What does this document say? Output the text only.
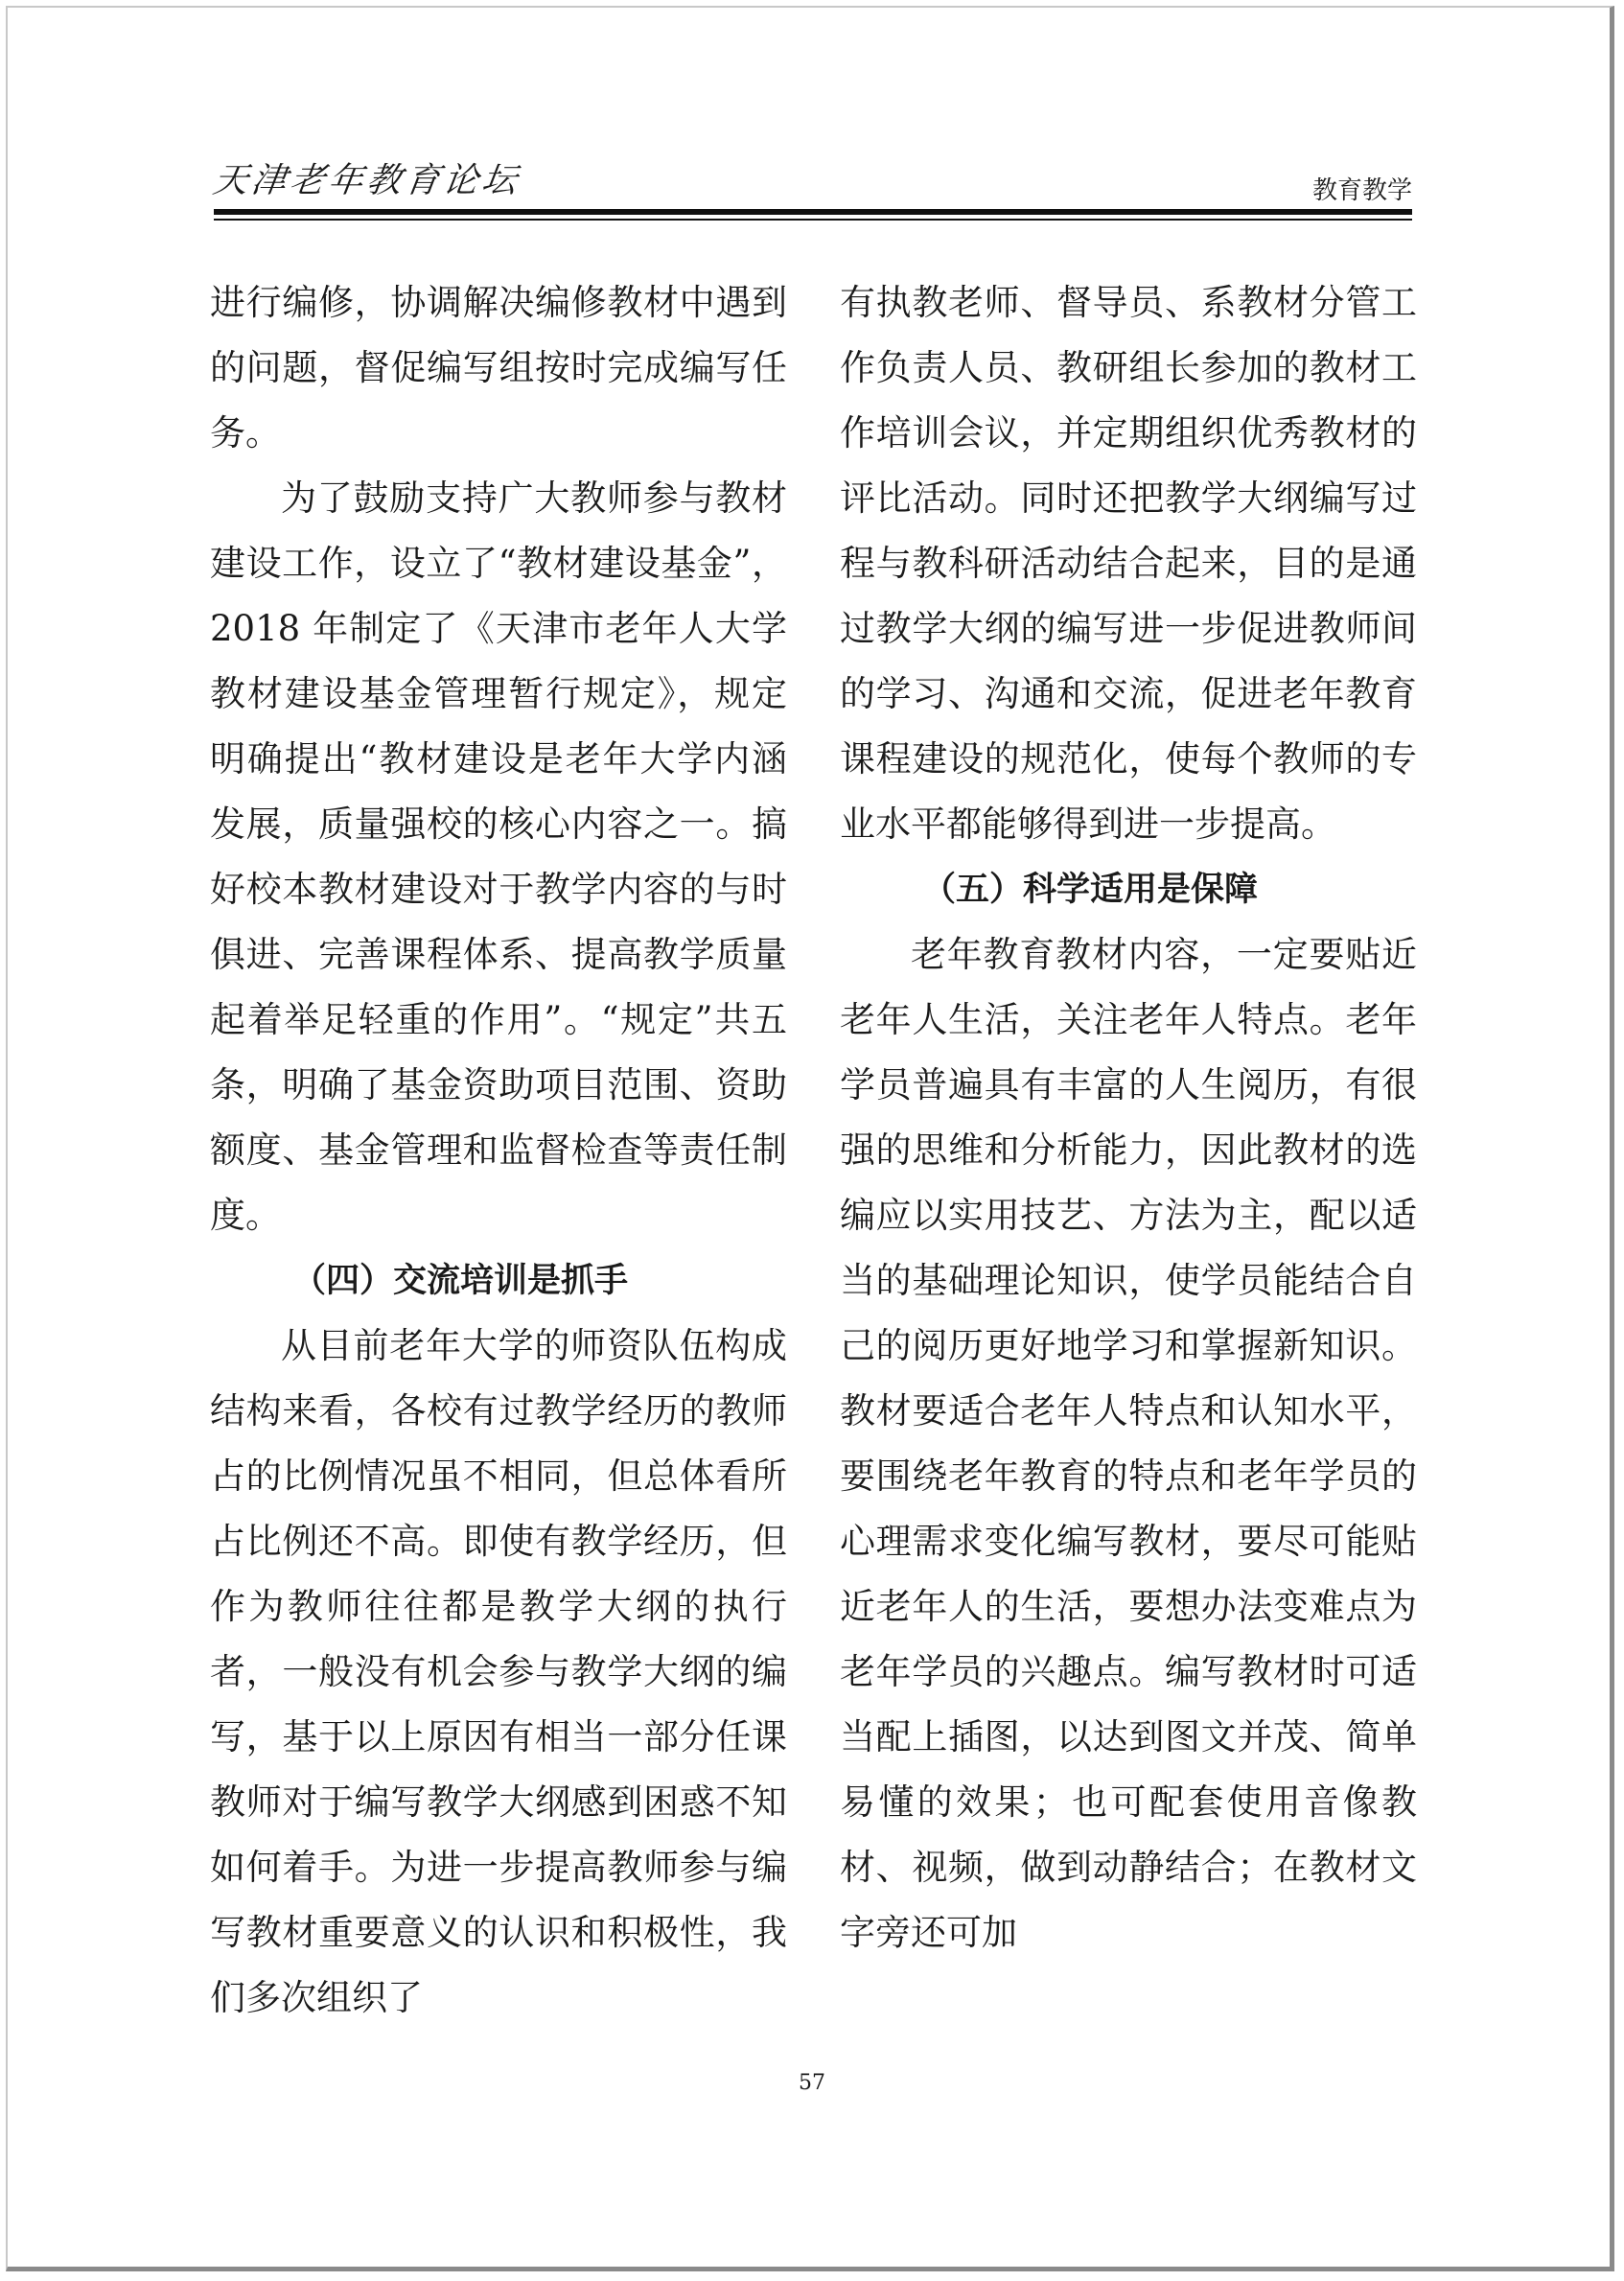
天津老年教育论坛	教育教学

进行编修，协调解决编修教材中遇到的问题，督促编写组按时完成编写任务。

为了鼓励支持广大教师参与教材建设工作，设立了“教材建设基金”，2018 年制定了《天津市老年人大学教材建设基金管理暂行规定》，规定明确提出“教材建设是老年大学内涵发展，质量强校的核心内容之一。搞好校本教材建设对于教学内容的与时俱进、完善课程体系、提高教学质量起着举足轻重的作用”。“规定”共五条，明确了基金资助项目范围、资助额度、基金管理和监督检查等责任制度。

（四）交流培训是抓手

从目前老年大学的师资队伍构成结构来看，各校有过教学经历的教师占的比例情况虽不相同，但总体看所占比例还不高。即使有教学经历，但作为教师往往都是教学大纲的执行者，一般没有机会参与教学大纲的编写，基于以上原因有相当一部分任课教师对于编写教学大纲感到困惑不知如何着手。为进一步提高教师参与编写教材重要意义的认识和积极性，我们多次组织了

有执教老师、督导员、系教材分管工作负责人员、教研组长参加的教材工作培训会议，并定期组织优秀教材的评比活动。同时还把教学大纲编写过程与教科研活动结合起来，目的是通过教学大纲的编写进一步促进教师间的学习、沟通和交流，促进老年教育课程建设的规范化，使每个教师的专业水平都能够得到进一步提高。

（五）科学适用是保障

老年教育教材内容，一定要贴近老年人生活，关注老年人特点。老年学员普遍具有丰富的人生阅历，有很强的思维和分析能力，因此教材的选编应以实用技艺、方法为主，配以适当的基础理论知识，使学员能结合自己的阅历更好地学习和掌握新知识。教材要适合老年人特点和认知水平，要围绕老年教育的特点和老年学员的心理需求变化编写教材，要尽可能贴近老年人的生活，要想办法变难点为老年学员的兴趣点。编写教材时可适当配上插图，以达到图文并茂、简单易懂的效果；也可配套使用音像教材、视频，做到动静结合；在教材文字旁还可加

57
